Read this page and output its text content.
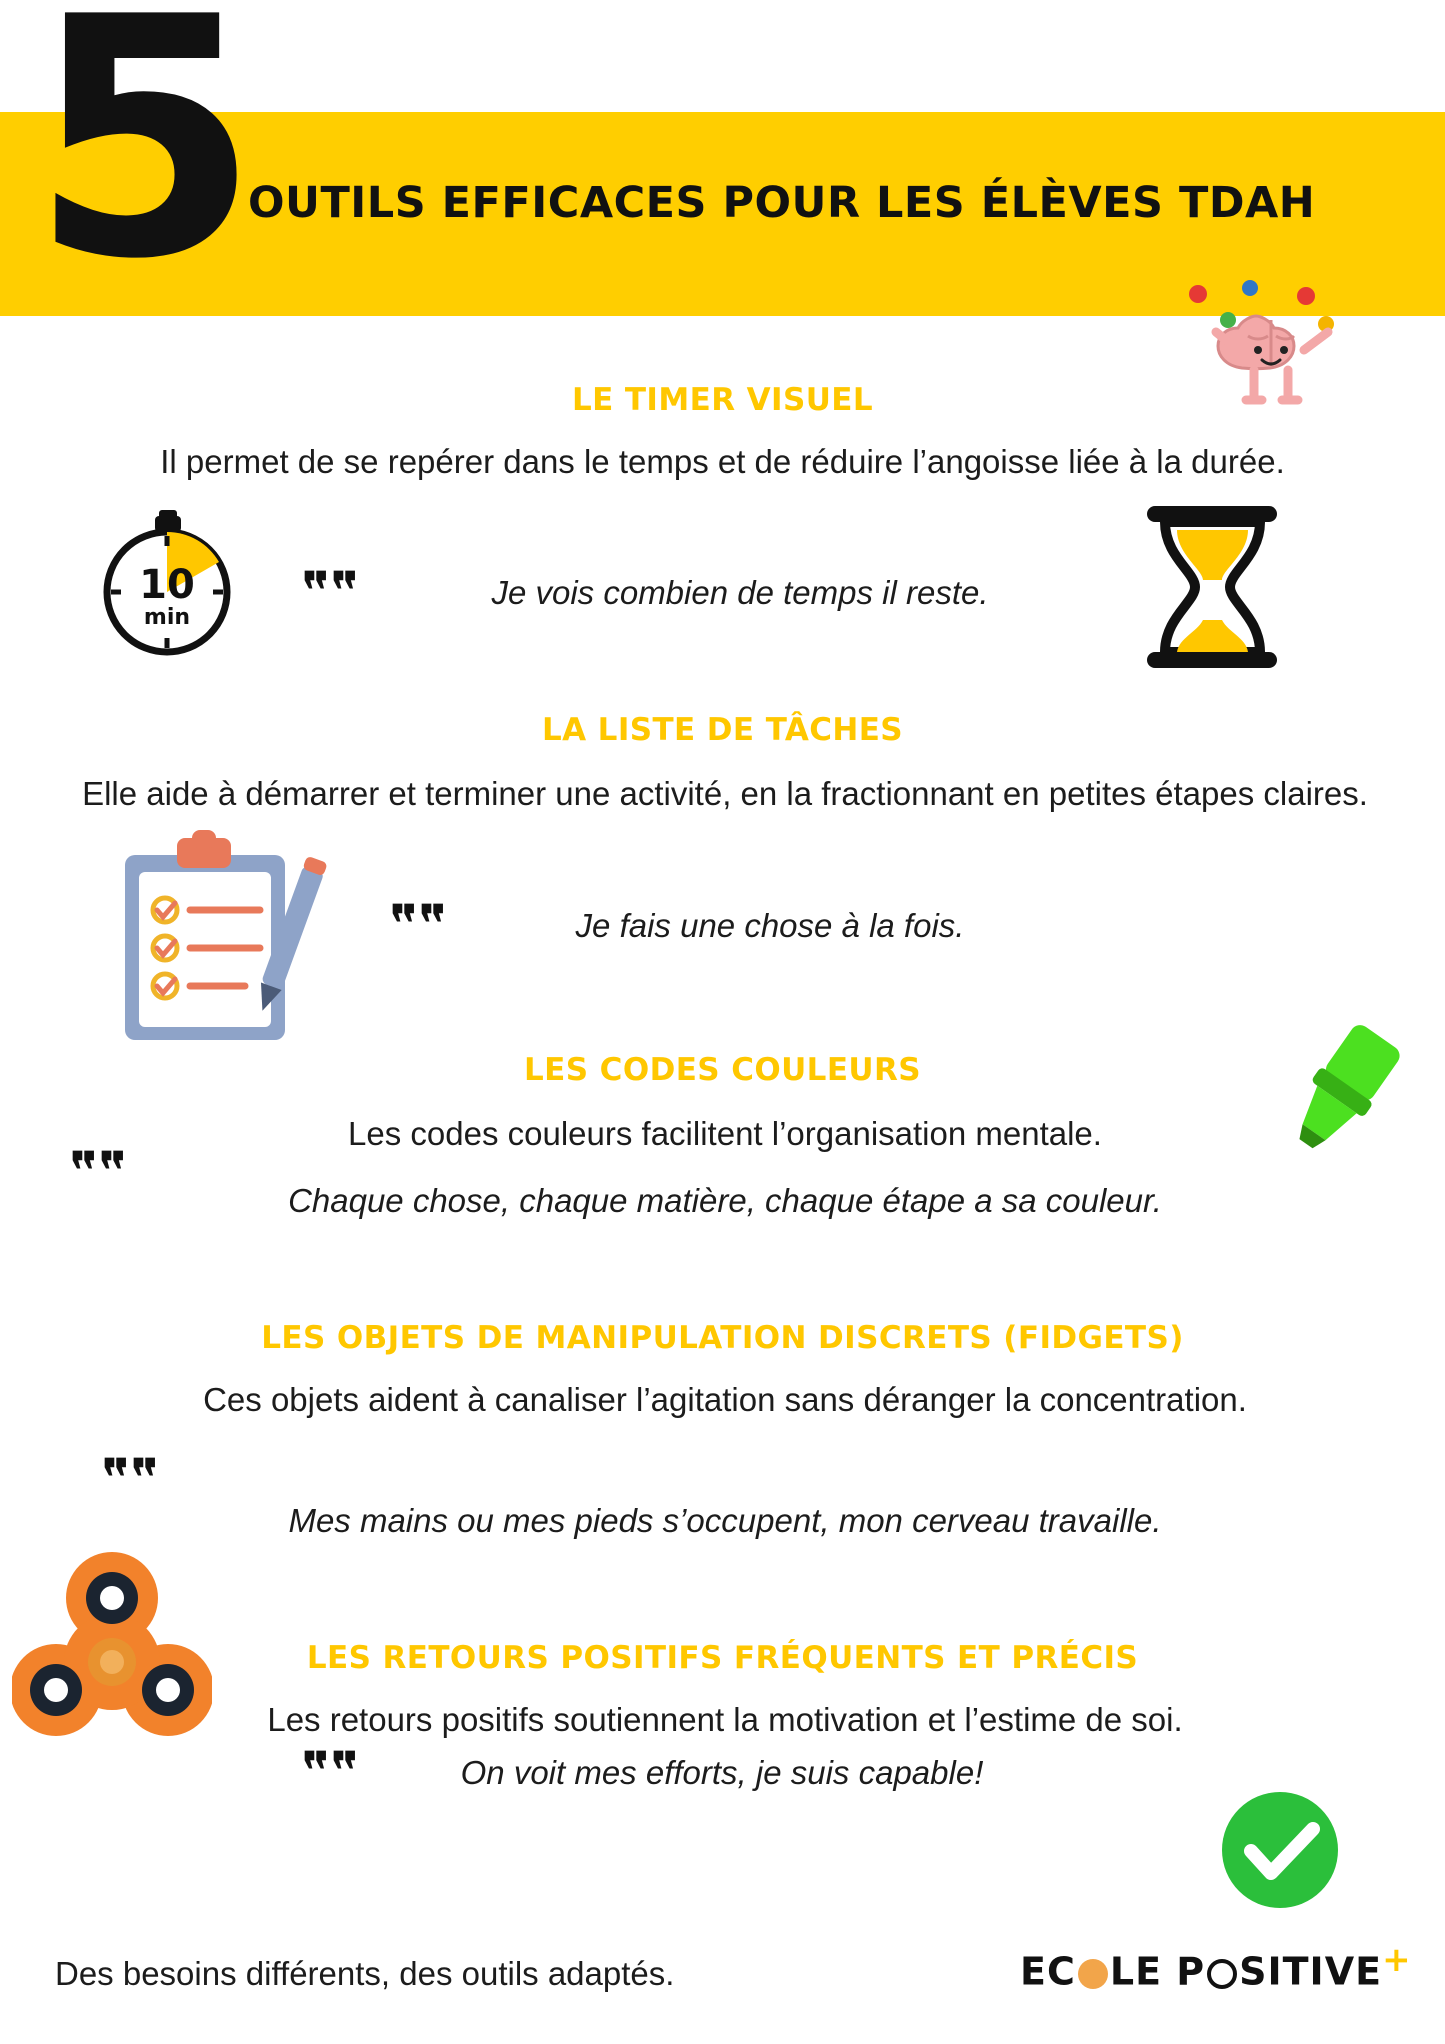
5
OUTILS EFFICACES POUR LES ÉLÈVES TDAH
LE TIMER VISUEL
Il permet de se repérer dans le temps et de réduire l’angoisse liée à la durée.
❞❞	Je vois combien de temps il reste.
10
min
LA LISTE DE TÂCHES
Elle aide à démarrer et terminer une activité, en la fractionnant en petites étapes claires.
❞❞	Je fais une chose à la fois.
LES CODES COULEURS
Les codes couleurs facilitent l’organisation mentale.
❞❞	Chaque chose, chaque matière, chaque étape a sa couleur.
LES OBJETS DE MANIPULATION DISCRETS (FIDGETS)
Ces objets aident à canaliser l’agitation sans déranger la concentration.
❞❞
Mes mains ou mes pieds s’occupent, mon cerveau travaille.
LES RETOURS POSITIFS FRÉQUENTS ET PRÉCIS
Les retours positifs soutiennent la motivation et l’estime de soi.
❞❞	On voit mes efforts, je suis capable!
Des besoins différents, des outils adaptés.	EC LE P SITIVE+
